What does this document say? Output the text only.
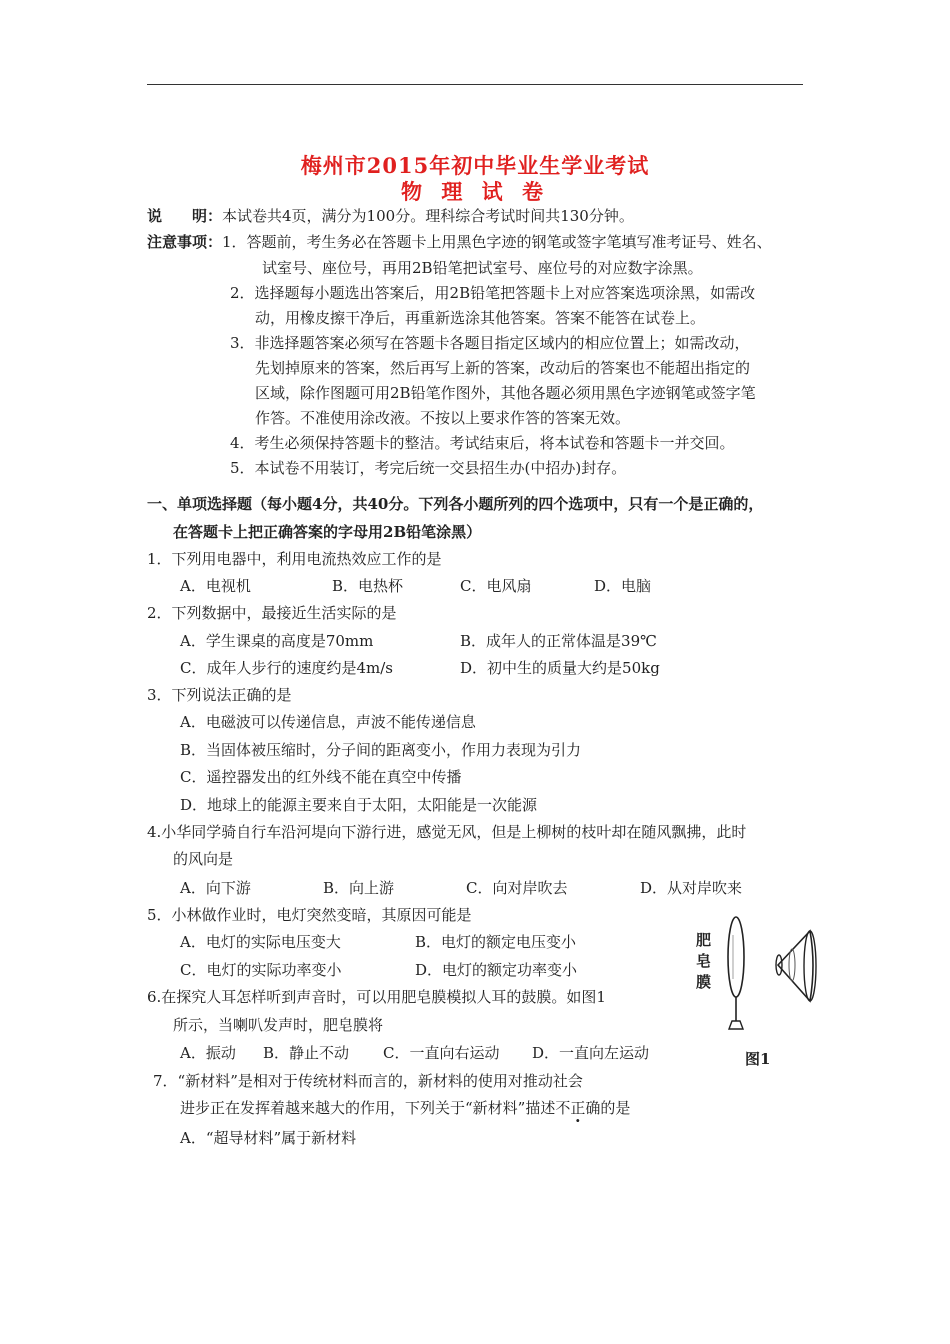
梅州市2015年初中毕业生学业考试
物 理 试 卷
说　　明：本试卷共4页，满分为100分。理科综合考试时间共130分钟。
注意事项：1．答题前，考生务必在答题卡上用黑色字迹的钢笔或签字笔填写准考证号、姓名、
试室号、座位号，再用2B铅笔把试室号、座位号的对应数字涂黑。
2．选择题每小题选出答案后，用2B铅笔把答题卡上对应答案选项涂黑，如需改
动，用橡皮擦干净后，再重新选涂其他答案。答案不能答在试卷上。
3．非选择题答案必须写在答题卡各题目指定区域内的相应位置上；如需改动，
先划掉原来的答案，然后再写上新的答案，改动后的答案也不能超出指定的
区域，除作图题可用2B铅笔作图外，其他各题必须用黑色字迹钢笔或签字笔
作答。不准使用涂改液。不按以上要求作答的答案无效。
4．考生必须保持答题卡的整洁。考试结束后，将本试卷和答题卡一并交回。
5．本试卷不用装订，考完后统一交县招生办(中招办)封存。
一、单项选择题（每小题4分，共40分。下列各小题所列的四个选项中，只有一个是正确的，
在答题卡上把正确答案的字母用2B铅笔涂黑）
1．下列用电器中，利用电流热效应工作的是
A．电视机	B．电热杯	C．电风扇	D．电脑
2．下列数据中，最接近生活实际的是
A．学生课桌的高度是70mm	B．成年人的正常体温是39℃
C．成年人步行的速度约是4m/s	D．初中生的质量大约是50kg
3．下列说法正确的是
A．电磁波可以传递信息，声波不能传递信息
B．当固体被压缩时，分子间的距离变小，作用力表现为引力
C．遥控器发出的红外线不能在真空中传播
D．地球上的能源主要来自于太阳，太阳能是一次能源
4.小华同学骑自行车沿河堤向下游行进，感觉无风，但是上柳树的枝叶却在随风飘拂，此时
的风向是
A．向下游	B．向上游	C．向对岸吹去	D．从对岸吹来
5．小林做作业时，电灯突然变暗，其原因可能是
A．电灯的实际电压变大	B．电灯的额定电压变小
C．电灯的实际功率变小	D．电灯的额定功率变小
6.在探究人耳怎样听到声音时，可以用肥皂膜模拟人耳的鼓膜。如图1
所示，当喇叭发声时，肥皂膜将
A．振动 B．静止不动 C．一直向右运动 D．一直向左运动
7．“新材料”是相对于传统材料而言的，新材料的使用对推动社会
进步正在发挥着越来越大的作用，下列关于“新材料”描述不正确的是
A．“超导材料”属于新材料
肥
皂
膜
图1
